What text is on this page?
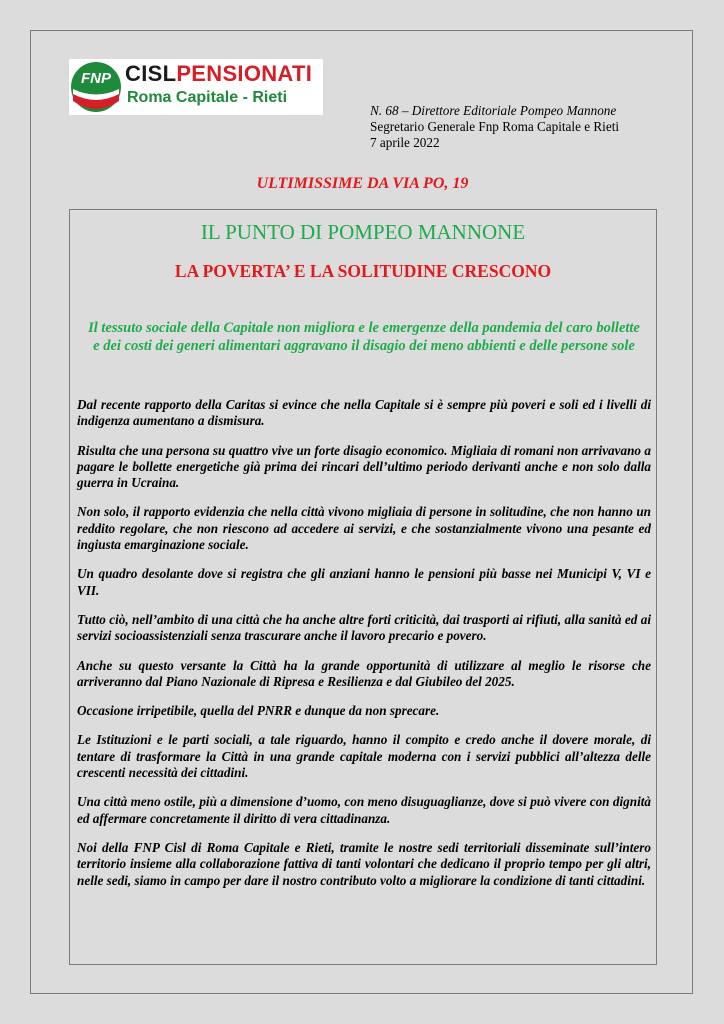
FNP CISLPENSIONATI
Roma Capitale - Rieti
N. 68 – Direttore Editoriale Pompeo Mannone
Segretario Generale Fnp Roma Capitale e Rieti
7 aprile 2022
ULTIMISSIME DA VIA PO, 19
IL PUNTO DI POMPEO MANNONE
LA POVERTA’ E LA SOLITUDINE CRESCONO
Il tessuto sociale della Capitale non migliora e le emergenze della pandemia del caro bollette e dei costi dei generi alimentari aggravano il disagio dei meno abbienti e delle persone sole

Dal recente rapporto della Caritas si evince che nella Capitale si è sempre più poveri e soli ed i livelli di indigenza aumentano a dismisura.

Risulta che una persona su quattro vive un forte disagio economico. Migliaia di romani non arrivavano a pagare le bollette energetiche già prima dei rincari dell’ultimo periodo derivanti anche e non solo dalla guerra in Ucraina.

Non solo, il rapporto evidenzia che nella città vivono migliaia di persone in solitudine, che non hanno un reddito regolare, che non riescono ad accedere ai servizi, e che sostanzialmente vivono una pesante ed ingiusta emarginazione sociale.

Un quadro desolante dove si registra che gli anziani hanno le pensioni più basse nei Municipi V, VI e VII.

Tutto ciò, nell’ambito di una città che ha anche altre forti criticità, dai trasporti ai rifiuti, alla sanità ed ai servizi socioassistenziali senza trascurare anche il lavoro precario e povero.

Anche su questo versante la Città ha la grande opportunità di utilizzare al meglio le risorse che arriveranno dal Piano Nazionale di Ripresa e Resilienza e dal Giubileo del 2025.

Occasione irripetibile, quella del PNRR e dunque da non sprecare.

Le Istituzioni e le parti sociali, a tale riguardo, hanno il compito e credo anche il dovere morale, di tentare di trasformare la Città in una grande capitale moderna con i servizi pubblici all’altezza delle crescenti necessità dei cittadini.

Una città meno ostile, più a dimensione d’uomo, con meno disuguaglianze, dove si può vivere con dignità ed affermare concretamente il diritto di vera cittadinanza.

Noi della FNP Cisl di Roma Capitale e Rieti, tramite le nostre sedi territoriali disseminate sull’intero territorio insieme alla collaborazione fattiva di tanti volontari che dedicano il proprio tempo per gli altri, nelle sedi, siamo in campo per dare il nostro contributo volto a migliorare la condizione di tanti cittadini.
